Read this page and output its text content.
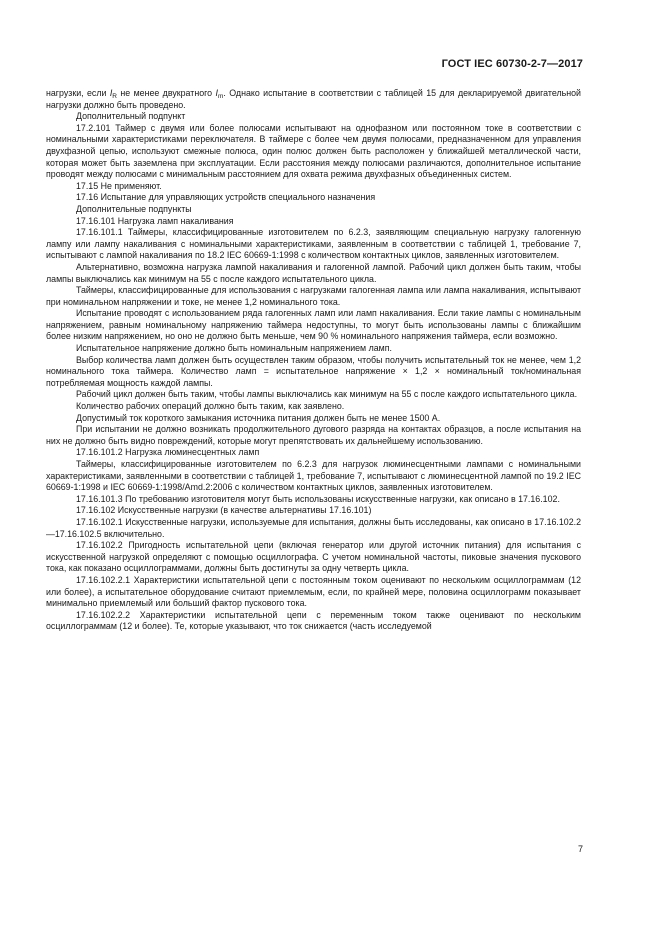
ГОСТ IEC 60730-2-7—2017

нагрузки, если $I_R$ не менее двукратного $I_m$. Однако испытание в соответствии с таблицей 15 для декларируемой двигательной нагрузки должно быть проведено.

Дополнительный подпункт

17.2.101 Таймер с двумя или более полюсами испытывают на однофазном или постоянном токе в соответствии с номинальными характеристиками переключателя. В таймере с более чем двумя полюсами, предназначенном для управления двухфазной цепью, используют смежные полюса, один полюс должен быть расположен у ближайшей металлической части, которая может быть заземлена при эксплуатации. Если расстояния между полюсами различаются, дополнительное испытание проводят между полюсами с минимальным расстоянием для охвата режима двухфазных объединенных систем.

17.15 Не применяют.

17.16 Испытание для управляющих устройств специального назначения

Дополнительные подпункты

17.16.101 Нагрузка ламп накаливания

17.16.101.1 Таймеры, классифицированные изготовителем по 6.2.3, заявляющим специальную нагрузку галогенную лампу или лампу накаливания с номинальными характеристиками, заявленным в соответствии с таблицей 1, требование 7, испытывают с лампой накаливания по 18.2 IEC 60669-1:1998 с количеством контактных циклов, заявленных изготовителем.

Альтернативно, возможна нагрузка лампой накаливания и галогенной лампой. Рабочий цикл должен быть таким, чтобы лампы выключались как минимум на 55 с после каждого испытательного цикла.

Таймеры, классифицированные для использования с нагрузками галогенная лампа или лампа накаливания, испытывают при номинальном напряжении и токе, не менее 1,2 номинального тока.

Испытание проводят с использованием ряда галогенных ламп или ламп накаливания. Если такие лампы с номинальным напряжением, равным номинальному напряжению таймера недоступны, то могут быть использованы лампы с ближайшим более низким напряжением, но оно не должно быть меньше, чем 90 % номинального напряжения таймера, если возможно.

Испытательное напряжение должно быть номинальным напряжением ламп.

Выбор количества ламп должен быть осуществлен таким образом, чтобы получить испытательный ток не менее, чем 1,2 номинального тока таймера. Количество ламп = испытательное напряжение × 1,2 × номинальный ток/номинальная потребляемая мощность каждой лампы.

Рабочий цикл должен быть таким, чтобы лампы выключались как минимум на 55 с после каждого испытательного цикла.

Количество рабочих операций должно быть таким, как заявлено.

Допустимый ток короткого замыкания источника питания должен быть не менее 1500 А.

При испытании не должно возникать продолжительного дугового разряда на контактах образцов, а после испытания на них не должно быть видно повреждений, которые могут препятствовать их дальнейшему использованию.

17.16.101.2 Нагрузка люминесцентных ламп

Таймеры, классифицированные изготовителем по 6.2.3 для нагрузок люминесцентными лампами с номинальными характеристиками, заявленными в соответствии с таблицей 1, требование 7, испытывают с люминесцентной лампой по 19.2 IEC 60669-1:1998 и IEC 60669-1:1998/Amd.2:2006 с количеством контактных циклов, заявленных изготовителем.

17.16.101.3 По требованию изготовителя могут быть использованы искусственные нагрузки, как описано в 17.16.102.

17.16.102 Искусственные нагрузки (в качестве альтернативы 17.16.101)

17.16.102.1 Искусственные нагрузки, используемые для испытания, должны быть исследованы, как описано в 17.16.102.2 —17.16.102.5 включительно.

17.16.102.2 Пригодность испытательной цепи (включая генератор или другой источник питания) для испытания с искусственной нагрузкой определяют с помощью осциллографа. С учетом номинальной частоты, пиковые значения пускового тока, как показано осциллограммами, должны быть достигнуты за одну четверть цикла.

17.16.102.2.1 Характеристики испытательной цепи с постоянным током оценивают по нескольким осциллограммам (12 или более), а испытательное оборудование считают приемлемым, если, по крайней мере, половина осциллограмм показывает минимально приемлемый или больший фактор пускового тока.

17.16.102.2.2 Характеристики испытательной цепи с переменным током также оценивают по нескольким осциллограммам (12 и более). Те, которые указывают, что ток снижается (часть исследуемой

7
